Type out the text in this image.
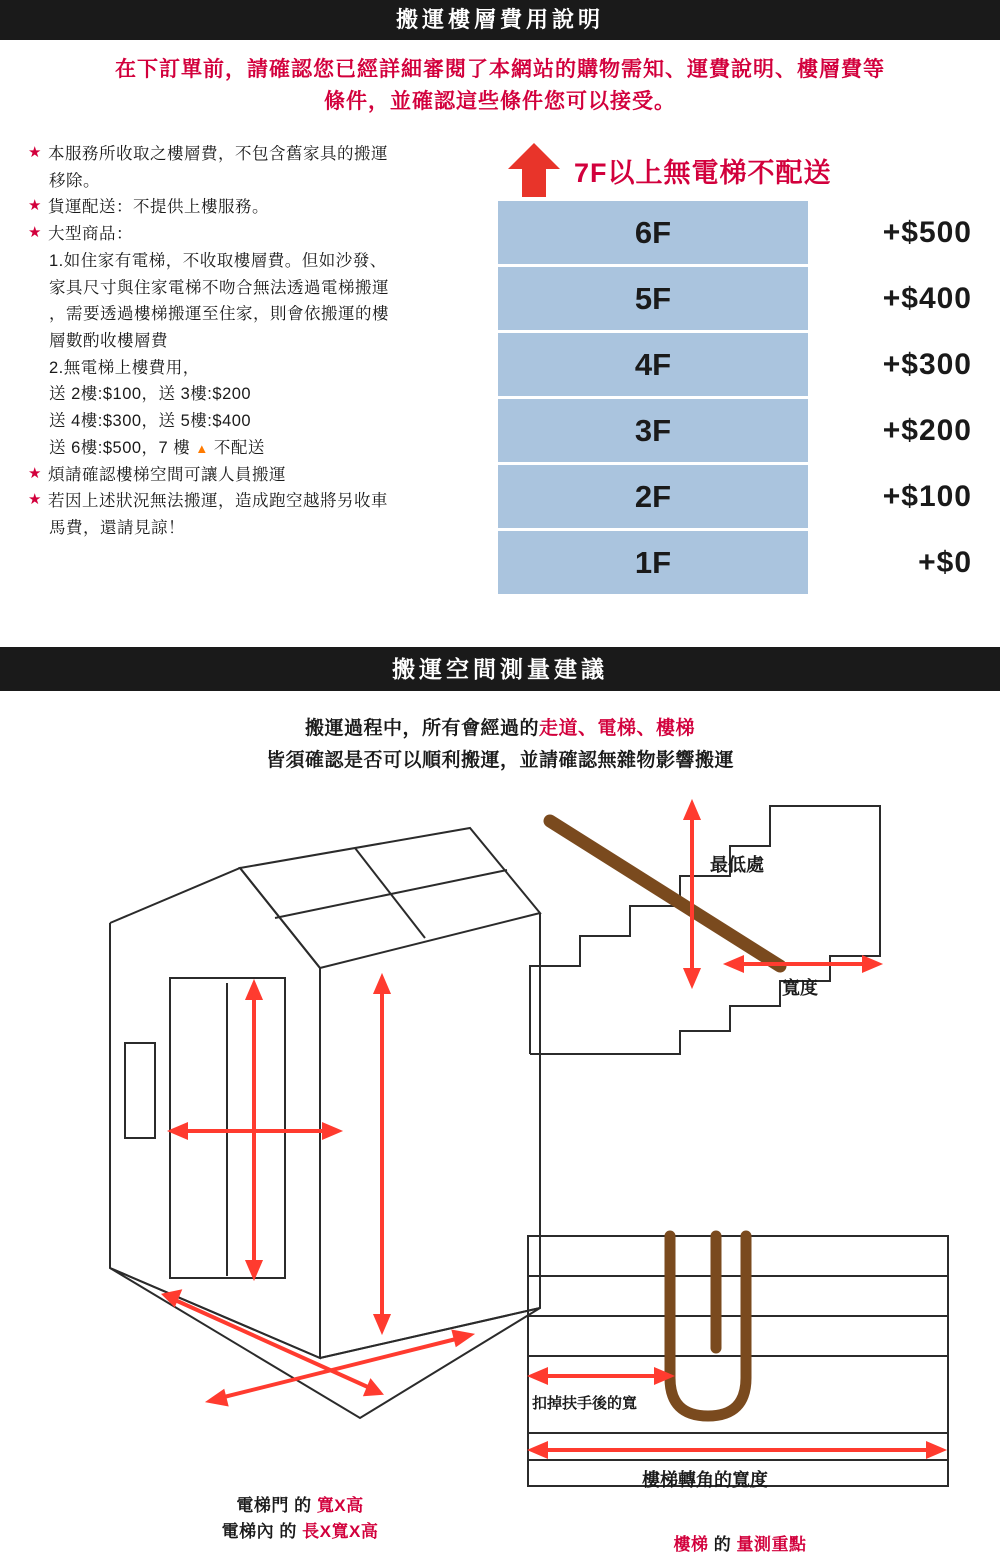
搬運樓層費用說明
在下訂單前，請確認您已經詳細審閱了本網站的購物需知、運費說明、樓層費等
條件，並確認這些條件您可以接受。
★ 本服務所收取之樓層費，不包含舊家具的搬運
移除。
★ 貨運配送：不提供上樓服務。
★ 大型商品：
1.如住家有電梯，不收取樓層費。但如沙發、
家具尺寸與住家電梯不吻合無法透過電梯搬運
，需要透過樓梯搬運至住家，則會依搬運的樓
層數酌收樓層費
2.無電梯上樓費用，
送 2樓:$100，送 3樓:$200
送 4樓:$300，送 5樓:$400
送 6樓:$500，7 樓 ▲ 不配送
★ 煩請確認樓梯空間可讓人員搬運
★ 若因上述狀況無法搬運，造成跑空越將另收車
馬費，還請見諒！
7F以上無電梯不配送
6F	+$500
5F	+$400
4F	+$300
3F	+$200
2F	+$100
1F	+$0
搬運空間測量建議
搬運過程中，所有會經過的走道、電梯、樓梯
皆須確認是否可以順利搬運，並請確認無雜物影響搬運
最低處
寬度
扣掉扶手後的寬
樓梯轉角的寬度
電梯門 的 寬X高
電梯內 的 長X寬X高
樓梯 的 量測重點
